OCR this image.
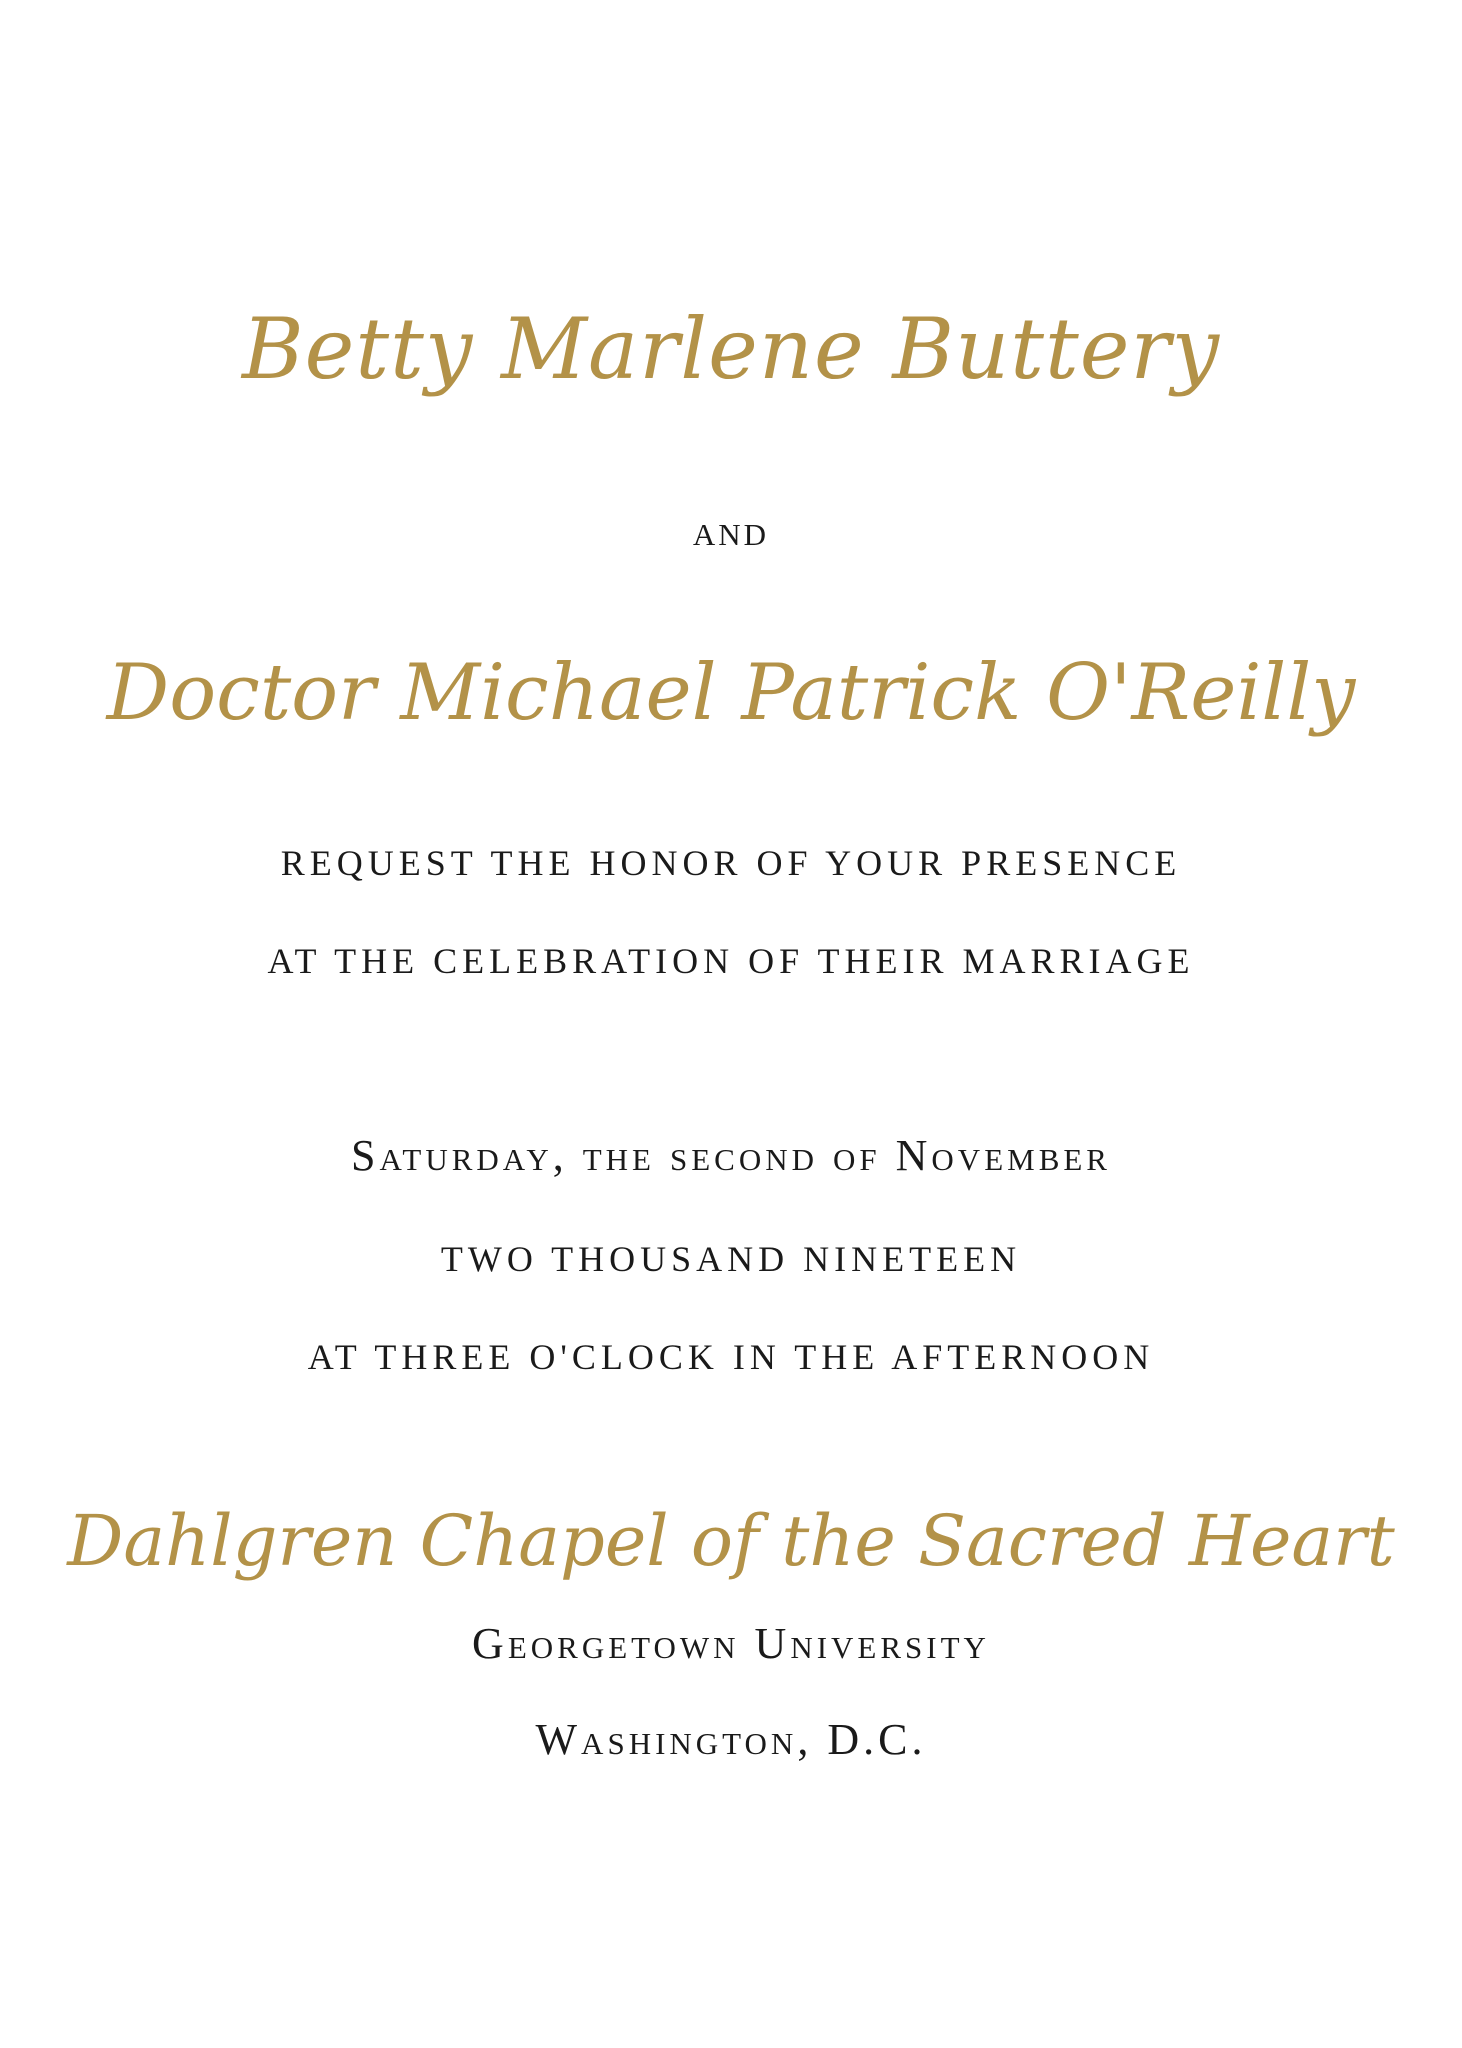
Betty Marlene Buttery
AND
Doctor Michael Patrick O'Reilly
REQUEST THE HONOR OF YOUR PRESENCE
AT THE CELEBRATION OF THEIR MARRIAGE
Saturday, the second of November
TWO THOUSAND NINETEEN
AT THREE O'CLOCK IN THE AFTERNOON
Dahlgren Chapel of the Sacred Heart
Georgetown University
Washington, D.C.
